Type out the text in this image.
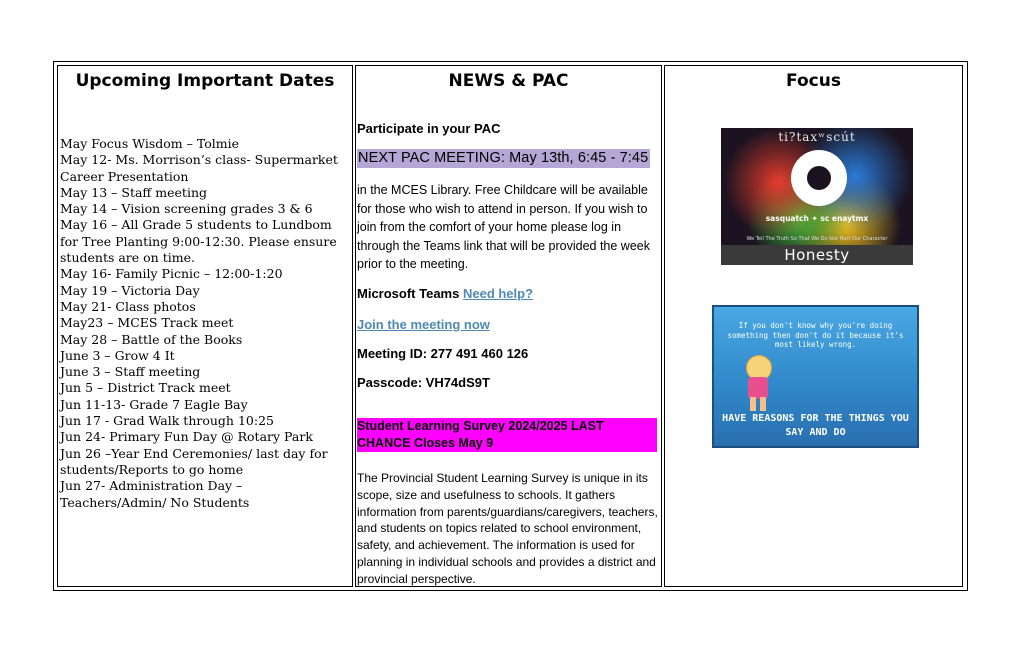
Upcoming Important Dates
May Focus Wisdom – Tolmie
May 12- Ms. Morrison’s class- Supermarket Career Presentation
May 13 – Staff meeting
May 14 – Vision screening grades 3 & 6
May 16 – All Grade 5 students to Lundbom for Tree Planting 9:00-12:30. Please ensure students are on time.
May 16- Family Picnic – 12:00-1:20
May 19 – Victoria Day
May 21- Class photos
May23 – MCES Track meet
May 28 – Battle of the Books
June 3 – Grow 4 It
June 3 – Staff meeting
Jun 5 – District Track meet
Jun 11-13- Grade 7 Eagle Bay
Jun 17 - Grad Walk through 10:25
Jun 24- Primary Fun Day @ Rotary Park
Jun 26 –Year End Ceremonies/ last day for students/Reports to go home
Jun 27- Administration Day – Teachers/Admin/ No Students
NEWS & PAC
Participate in your PAC
NEXT PAC MEETING: May 13th, 6:45 - 7:45
in the MCES Library. Free Childcare will be available for those who wish to attend in person. If you wish to join from the comfort of your home please log in through the Teams link that will be provided the week prior to the meeting.
Microsoft Teams Need help?
Join the meeting now
Meeting ID: 277 491 460 126
Passcode: VH74dS9T
Student Learning Survey 2024/2025 LAST CHANCE Closes May 9
The Provincial Student Learning Survey is unique in its scope, size and usefulness to schools. It gathers information from parents/guardians/caregivers, teachers, and students on topics related to school environment, safety, and achievement. The information is used for planning in individual schools and provides a district and provincial perspective.
Focus
ti?taxʷscút
sasquatch ✦ sc enaytmx
We Tell The Truth So That We Do Not Hurt Our Character
Honesty
If you don't know why you're doing something then don't do it because it's most likely wrong.
HAVE REASONS FOR THE THINGS YOU SAY AND DO
